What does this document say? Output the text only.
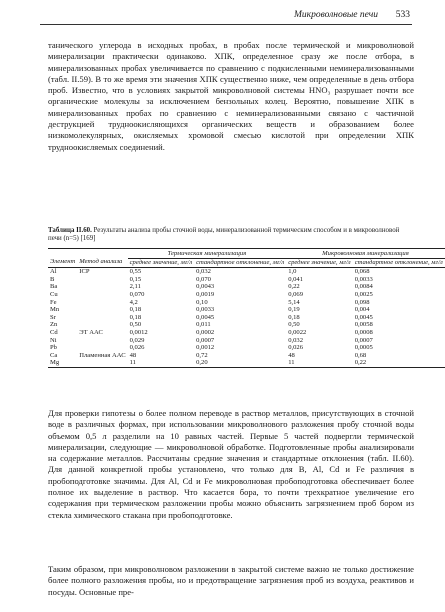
Микроволновые печи 533

таническогo углерода в исходных пробах, в пробах после термической и микроволновой минерализации практически одинаково. ХПК, определенное сразу же после отбора, в минерализованных пробах увеличивается по сравнению с подкисленными неминерализованными (табл. II.59). В то же время эти значения ХПК существенно ниже, чем определенные в день отбора проб. Известно, что в условиях закрытой микроволновой системы HNO₃ разрушает почти все органические молекулы за исключением бензольных колец. Вероятно, повышение ХПК в минерализованных пробах по сравнению с неминерализованными связано с частичной деструкцией трудноокисляющихся органических веществ и образованием более низкомолекулярных, окисляемых хромовой смесью кислотой при определении ХПК трудноокисляемых соединений.

Таблица II.60. Результаты анализа пробы сточной воды, минерализованной термическим способом и в микроволновой печи (n=5) [169]

		Термическая минерализация		Микроволновая минерализация	
Элемент	Метод анализа	среднее значение, мг/л	стандартное отклонение, мг/л	среднее значение, мг/л	стандартное отклонение, мг/л
Al	ICP	0,55	0,032	1,0	0,068
B		0,15	0,070	0,041	0,0033
Ba		2,11	0,0043	0,22	0,0084
Cu		0,070	0,0019	0,069	0,0025
Fe		4,2	0,10	5,14	0,098
Mn		0,18	0,0033	0,19	0,004
Sr		0,18	0,0045	0,18	0,0045
Zn		0,50	0,011	0,50	0,0058
Cd	ЭТ ААС	0,0012	0,0002	0,0022	0,0008
Ni		0,029	0,0007	0,032	0,0007
Pb		0,026	0,0012	0,026	0,0005
Ca	Пламенная ААС	48	0,72	48	0,68
Mg		11	0,20	11	0,22

Для проверки гипотезы о более полном переводе в раствор металлов, присутствующих в сточной воде в различных формах, при использовании микроволнового разложения пробу сточной воды объемом 0,5 л разделили на 10 равных частей. Первые 5 частей подвергли термической минерализации, следующие — микроволновой обработке. Подготовленные пробы анализировали на содержание металлов. Рассчитаны средние значения и стандартные отклонения (табл. II.60). Для данной конкретной пробы установлено, что только для В, Al, Cd и Fe различия в пробоподготовке значимы. Для Al, Cd и Fe микроволновая пробоподготовка обеспечивает более полное их выделение в раствор. Что касается бора, то почти трехкратное увеличение его содержания при термическом разложении пробы можно объяснить загрязнением проб бором из стекла химического стакана при пробоподготовке.

Таким образом, при микроволновом разложении в закрытой системе важно не только достижение более полного разложения пробы, но и предотвращение загрязнения проб из воздуха, реактивов и посуды. Основные пре-
